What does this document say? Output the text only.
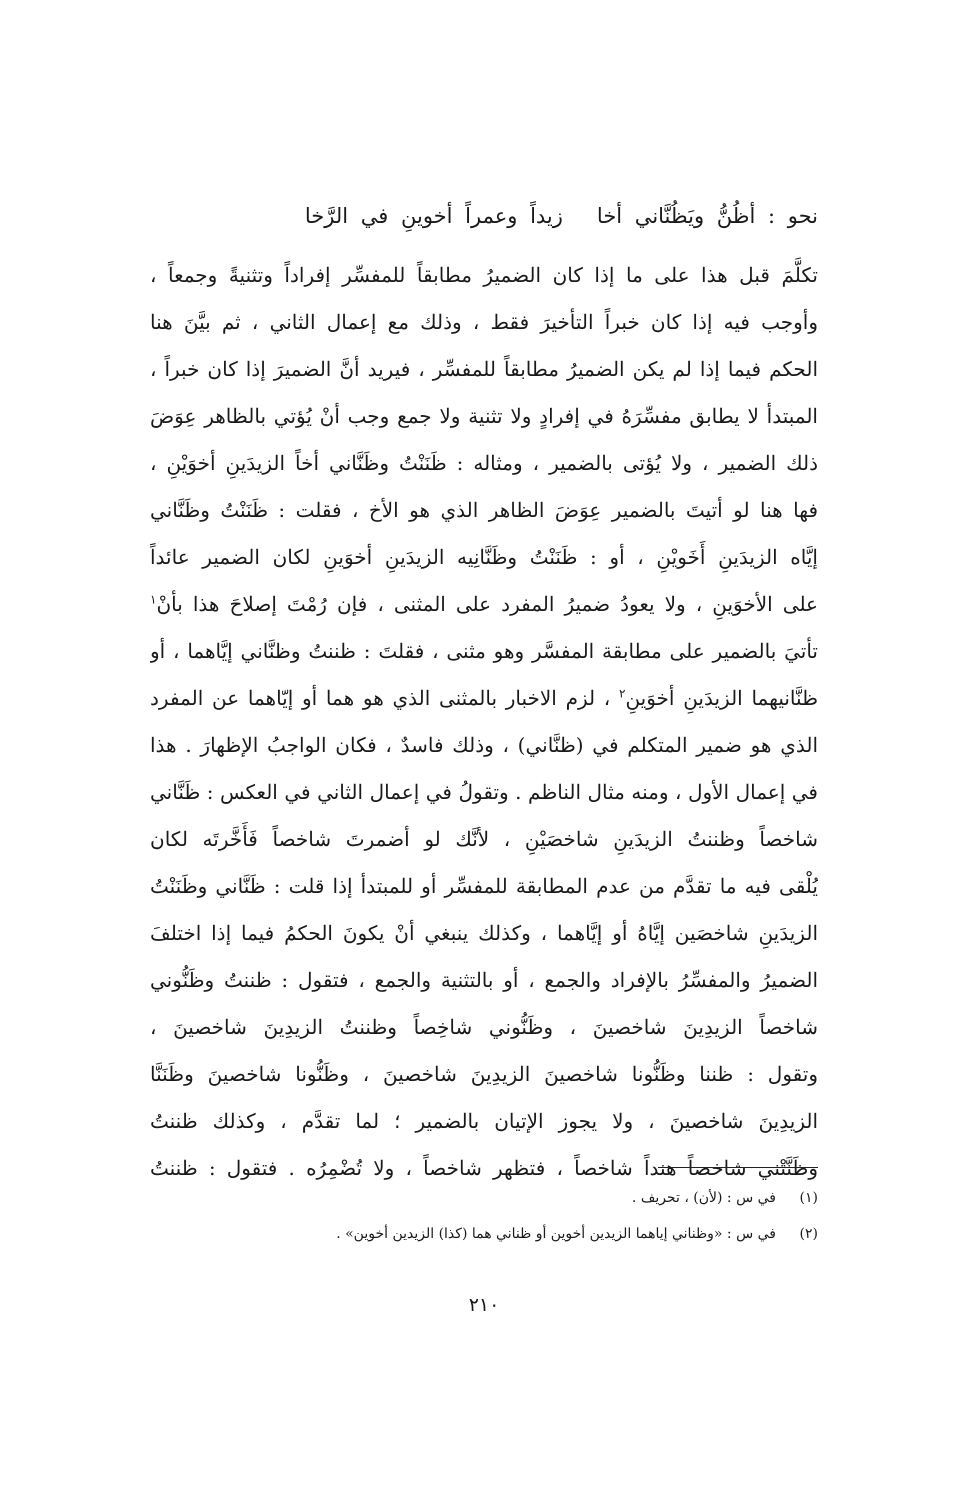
نحو : أظُنُّ ويَظُنَّاني أخازيداً وعمراً أخوينِ في الرَّخا
تكلَّمَ قبل هذا على ما إذا كان الضميرُ مطابقاً للمفسِّر إفراداً وتثنيةً وجمعاً ،
وأوجب فيه إذا كان خبراً التأخيرَ فقط ، وذلك مع إعمال الثاني ، ثم بيَّنَ هنا
الحكم فيما إذا لم يكن الضميرُ مطابقاً للمفسِّر ، فيريد أنَّ الضميرَ إذا كان خبراً ،
المبتدأ لا يطابق مفسِّرَهُ في إفرادٍ ولا تثنية ولا جمع وجب أنْ يُؤتي بالظاهر عِوَضَ
ذلك الضمير ، ولا يُؤتى بالضمير ، ومثاله : ظَنَنْتُ وظَنَّاني أخاً الزيدَينِ أخوَيْنِ ،
فها هنا لو أتيتَ بالضمير عِوَضَ الظاهر الذي هو الأخ ، فقلت : ظَنَنْتُ وظَنَّاني
إيَّاه الزيدَينِ أَخَويْنِ ، أو : ظَنَنْتُ وظَنَّانِيه الزيدَينِ أخوَينِ لكان الضمير عائداً
على الأخوَينِ ، ولا يعودُ ضميرُ المفرد على المثنى ، فإن رُمْتَ إصلاحَ هذا بأنْ$^١$
تأتيَ بالضمير على مطابقة المفسَّر وهو مثنى ، فقلتَ : ظننتُ وظنَّاني إيَّاهما ، أو
ظنَّانيهما الزيدَينِ أخوَينِ$^٢$ ، لزم الاخبار بالمثنى الذي هو هما أو إيّاهما عن المفرد
الذي هو ضمير المتكلم في (ظنَّاني) ، وذلك فاسدٌ ، فكان الواجبُ الإظهارَ . هذا
في إعمال الأول ، ومنه مثال الناظم . وتقولُ في إعمال الثاني في العكس : ظَنَّاني
شاخصاً وظننتُ الزيدَينِ شاخصَيْنِ ، لأنَّك لو أضمرتَ شاخصاً فَأَخَّرتَه لكان
يُلْقى فيه ما تقدَّم من عدم المطابقة للمفسِّر أو للمبتدأ إذا قلت : ظَنَّاني وظَنَنْتُ
الزيدَينِ شاخصَين إيَّاهُ أو إيَّاهما ، وكذلك ينبغي أنْ يكونَ الحكمُ فيما إذا اختلفَ
الضميرُ والمفسِّرُ بالإفراد والجمع ، أو بالتثنية والجمع ، فتقول : ظننتُ وظَنُّوني
شاخصاً الزيدِينَ شاخصينَ ، وظَنُّوني شاخِصاً وظننتُ الزيدِينَ شاخصينَ ،
وتقول : ظننا وظَنُّونا شاخصينَ الزيدِينَ شاخصينَ ، وظَنُّونا شاخصينَ وظَنَنَّا
الزيدِينَ شاخصينَ ، ولا يجوز الإتيان بالضمير ؛ لما تقدَّم ، وكذلك ظننتُ
وظَنَّتْني شاخصاً هنداً شاخصاً ، فتظهر شاخصاً ، ولا تُضْمِرُه . فتقول : ظننتُ
(١)في س : (لأن) ، تحريف .
(٢)في س : «وظناني إياهما الزيدين أخوين أو ظناني هما (كذا) الزيدين أخوين» .
٢١٠
